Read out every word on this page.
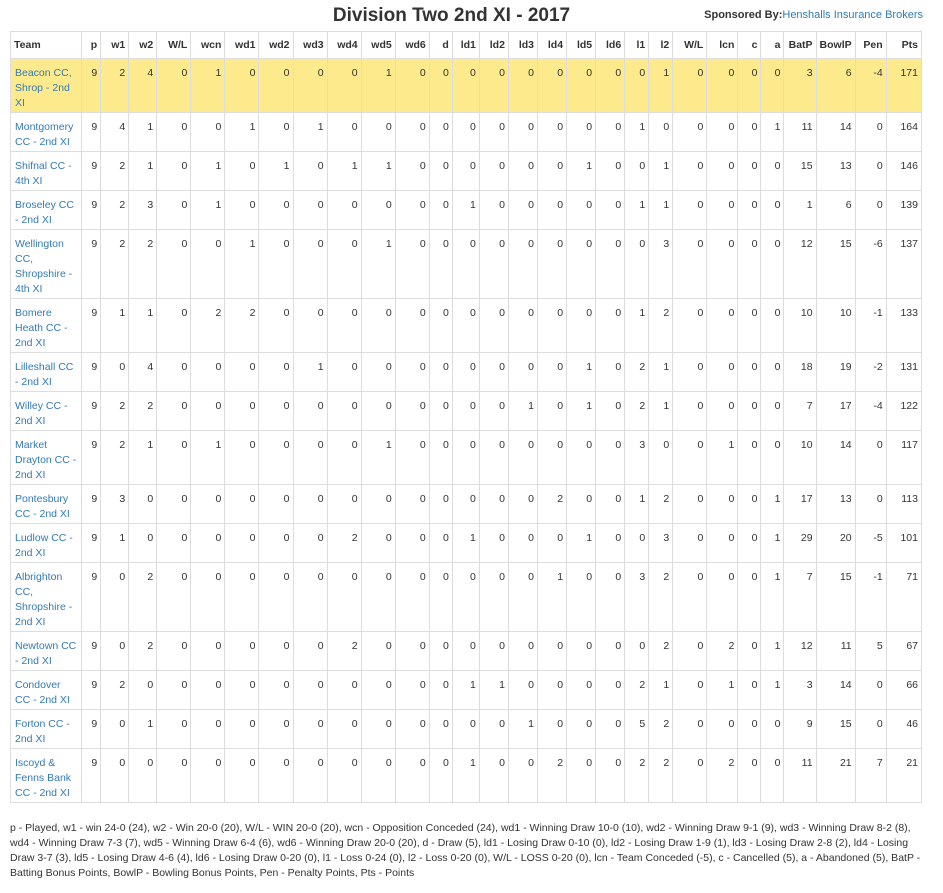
Division Two 2nd XI - 2017	Sponsored By:Henshalls Insurance Brokers
Team	p	w1	w2	W/L	wcn	wd1	wd2	wd3	wd4	wd5	wd6	d	ld1	ld2	ld3	ld4	ld5	ld6	l1	l2	W/L	lcn	c	a	BatP	BowlP	Pen	Pts

Beacon CC, Shrop - 2nd XI	9	2	4	0	1	0	0	0	0	1	0	0	0	0	0	0	0	0	0	1	0	0	0	0	3	6	-4	171

Montgomery CC - 2nd XI	9	4	1	0	0	1	0	1	0	0	0	0	0	0	0	0	0	0	1	0	0	0	0	1	11	14	0	164

Shifnal CC - 4th XI	9	2	1	0	1	0	1	0	1	1	0	0	0	0	0	0	1	0	0	1	0	0	0	0	15	13	0	146

Broseley CC - 2nd XI	9	2	3	0	1	0	0	0	0	0	0	0	1	0	0	0	0	0	1	1	0	0	0	0	1	6	0	139

Wellington CC, Shropshire - 4th XI	9	2	2	0	0	1	0	0	0	1	0	0	0	0	0	0	0	0	0	3	0	0	0	0	12	15	-6	137

Bomere Heath CC - 2nd XI	9	1	1	0	2	2	0	0	0	0	0	0	0	0	0	0	0	0	1	2	0	0	0	0	10	10	-1	133

Lilleshall CC - 2nd XI	9	0	4	0	0	0	0	1	0	0	0	0	0	0	0	0	1	0	2	1	0	0	0	0	18	19	-2	131

Willey CC - 2nd XI	9	2	2	0	0	0	0	0	0	0	0	0	0	0	1	0	1	0	2	1	0	0	0	0	7	17	-4	122

Market Drayton CC - 2nd XI	9	2	1	0	1	0	0	0	0	1	0	0	0	0	0	0	0	0	3	0	0	1	0	0	10	14	0	117

Pontesbury CC - 2nd XI	9	3	0	0	0	0	0	0	0	0	0	0	0	0	0	2	0	0	1	2	0	0	0	1	17	13	0	113

Ludlow CC - 2nd XI	9	1	0	0	0	0	0	0	2	0	0	0	1	0	0	0	1	0	0	3	0	0	0	1	29	20	-5	101

Albrighton CC, Shropshire - 2nd XI	9	0	2	0	0	0	0	0	0	0	0	0	0	0	0	1	0	0	3	2	0	0	0	1	7	15	-1	71

Newtown CC - 2nd XI	9	0	2	0	0	0	0	0	2	0	0	0	0	0	0	0	0	0	0	2	0	2	0	1	12	11	5	67

Condover CC - 2nd XI	9	2	0	0	0	0	0	0	0	0	0	0	1	1	0	0	0	0	2	1	0	1	0	1	3	14	0	66

Forton CC - 2nd XI	9	0	1	0	0	0	0	0	0	0	0	0	0	0	1	0	0	0	5	2	0	0	0	0	9	15	0	46

Iscoyd & Fenns Bank CC - 2nd XI	9	0	0	0	0	0	0	0	0	0	0	0	1	0	0	2	0	0	2	2	0	2	0	0	11	21	7	21
p - Played, w1 - win 24-0 (24), w2 - Win 20-0 (20), W/L - WIN 20-0 (20), wcn - Opposition Conceded (24), wd1 - Winning Draw 10-0 (10), wd2 - Winning Draw 9-1 (9), wd3 - Winning Draw 8-2 (8), wd4 - Winning Draw 7-3 (7), wd5 - Winning Draw 6-4 (6), wd6 - Winning Draw 20-0 (20), d - Draw (5), ld1 - Losing Draw 0-10 (0), ld2 - Losing Draw 1-9 (1), ld3 - Losing Draw 2-8 (2), ld4 - Losing Draw 3-7 (3), ld5 - Losing Draw 4-6 (4), ld6 - Losing Draw 0-20 (0), l1 - Loss 0-24 (0), l2 - Loss 0-20 (0), W/L - LOSS 0-20 (0), lcn - Team Conceded (-5), c - Cancelled (5), a - Abandoned (5), BatP - Batting Bonus Points, BowlP - Bowling Bonus Points, Pen - Penalty Points, Pts - Points
